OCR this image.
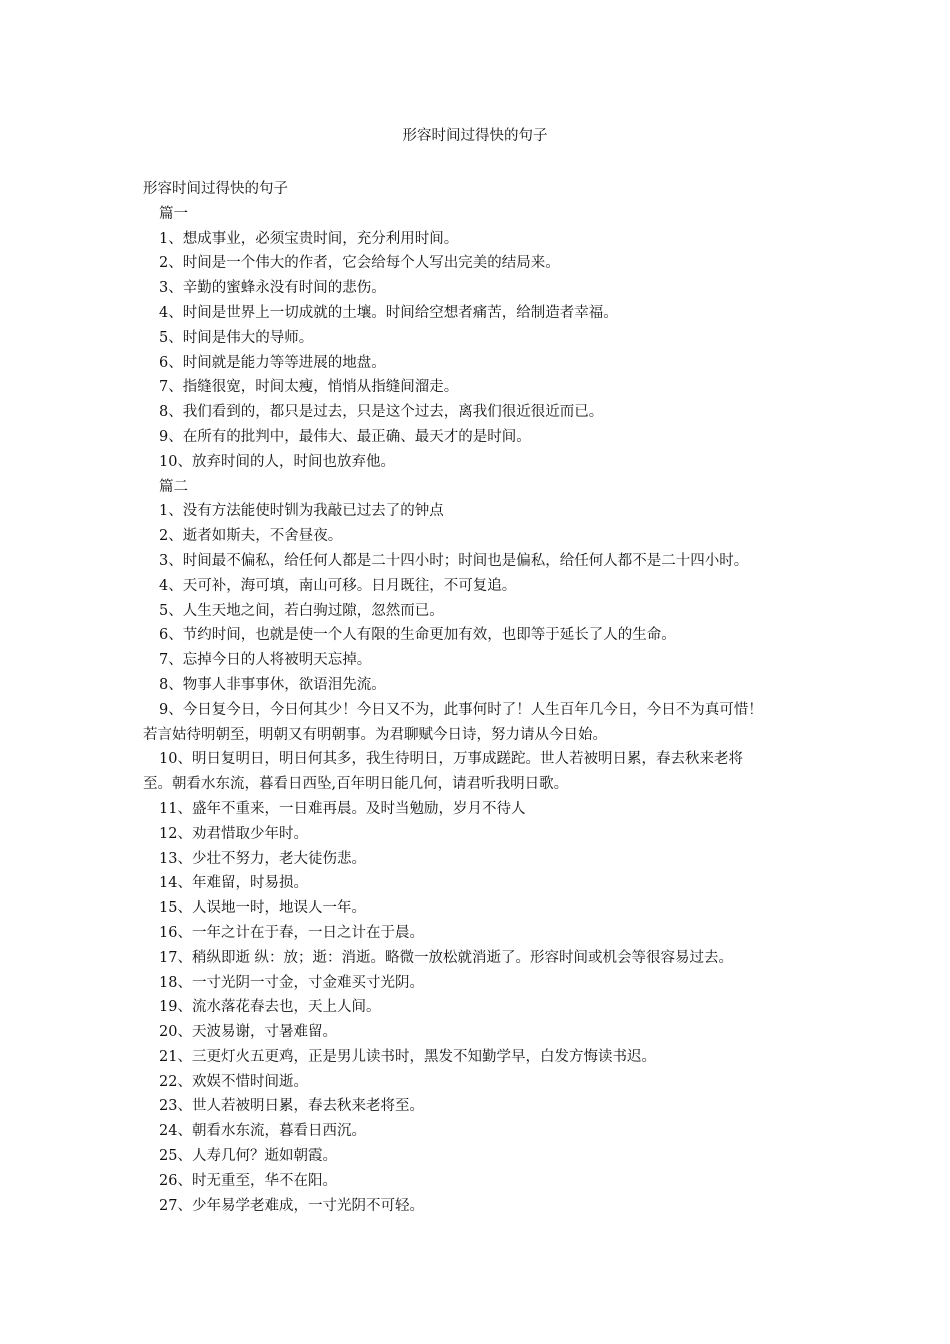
形容时间过得快的句子
形容时间过得快的句子
篇一
1、想成事业，必须宝贵时间，充分利用时间。
2、时间是一个伟大的作者，它会给每个人写出完美的结局来。
3、辛勤的蜜蜂永没有时间的悲伤。
4、时间是世界上一切成就的土壤。时间给空想者痛苦，给制造者幸福。
5、时间是伟大的导师。
6、时间就是能力等等进展的地盘。
7、指缝很宽，时间太瘦，悄悄从指缝间溜走。
8、我们看到的，都只是过去，只是这个过去，离我们很近很近而已。
9、在所有的批判中，最伟大、最正确、最天才的是时间。
10、放弃时间的人，时间也放弃他。
篇二
1、没有方法能使时钏为我敲已过去了的钟点
2、逝者如斯夫，不舍昼夜。
3、时间最不偏私，给任何人都是二十四小时；时间也是偏私，给任何人都不是二十四小时。
4、天可补，海可填，南山可移。日月既往，不可复追。
5、人生天地之间，若白驹过隙，忽然而已。
6、节约时间，也就是使一个人有限的生命更加有效，也即等于延长了人的生命。
7、忘掉今日的人将被明天忘掉。
8、物事人非事事休，欲语泪先流。
9、今日复今日，今日何其少！今日又不为，此事何时了！人生百年几今日，今日不为真可惜！
若言姑待明朝至，明朝又有明朝事。为君聊赋今日诗，努力请从今日始。
10、明日复明日，明日何其多，我生待明日，万事成蹉跎。世人若被明日累，春去秋来老将
至。朝看水东流，暮看日西坠,百年明日能几何，请君听我明日歌。
11、盛年不重来，一日难再晨。及时当勉励，岁月不待人
12、劝君惜取少年时。
13、少壮不努力，老大徒伤悲。
14、年难留，时易损。
15、人误地一时，地误人一年。
16、一年之计在于春，一日之计在于晨。
17、稍纵即逝 纵：放；逝：消逝。略微一放松就消逝了。形容时间或机会等很容易过去。
18、一寸光阴一寸金，寸金难买寸光阴。
19、流水落花春去也，天上人间。
20、天波易谢，寸暑难留。
21、三更灯火五更鸡，正是男儿读书时，黑发不知勤学早，白发方悔读书迟。
22、欢娱不惜时间逝。
23、世人若被明日累，春去秋来老将至。
24、朝看水东流，暮看日西沉。
25、人寿几何？逝如朝霞。
26、时无重至，华不在阳。
27、少年易学老难成，一寸光阴不可轻。
